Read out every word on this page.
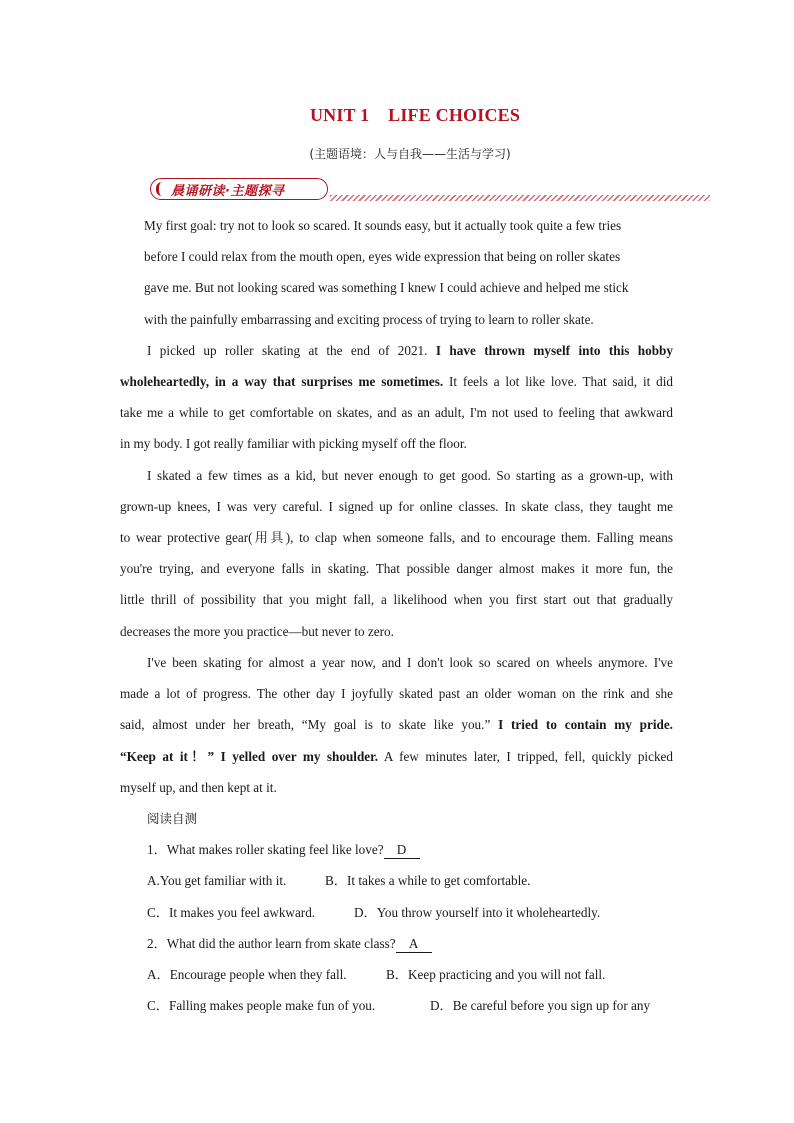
UNIT 1    LIFE CHOICES
(主题语境：人与自我——生活与学习)
晨诵研读·主题探寻
My first goal: try not to look so scared. It sounds easy, but it actually took quite a few tries
before I could relax from the mouth open, eyes wide expression that being on roller skates
gave me. But not looking scared was something I knew I could achieve and helped me stick
with the painfully embarrassing and exciting process of trying to learn to roller skate.
I picked up roller skating at the end of 2021. I have thrown myself into this hobby
wholeheartedly, in a way that surprises me sometimes. It feels a lot like love. That said, it did
take me a while to get comfortable on skates, and as an adult, I'm not used to feeling that awkward
in my body. I got really familiar with picking myself off the floor.
I skated a few times as a kid, but never enough to get good. So starting as a grown-up, with
grown-up knees, I was very careful. I signed up for online classes. In skate class, they taught me
to wear protective gear(用具), to clap when someone falls, and to encourage them. Falling means
you're trying, and everyone falls in skating. That possible danger almost makes it more fun, the
little thrill of possibility that you might fall, a likelihood when you first start out that gradually
decreases the more you practice—but never to zero.
I've been skating for almost a year now, and I don't look so scared on wheels anymore. I've
made a lot of progress. The other day I joyfully skated past an older woman on the rink and she
said, almost under her breath, “My goal is to skate like you.” I tried to contain my pride.
“Keep at it！” I yelled over my shoulder. A few minutes later, I tripped, fell, quickly picked
myself up, and then kept at it.
阅读自测
1．What makes roller skating feel like love? D
A.You get familiar with it.	B．It takes a while to get comfortable.
C．It makes you feel awkward.	D．You throw yourself into it wholeheartedly.
2．What did the author learn from skate class? A
A．Encourage people when they fall.	B．Keep practicing and you will not fall.
C．Falling makes people make fun of you.	D．Be careful before you sign up for any
